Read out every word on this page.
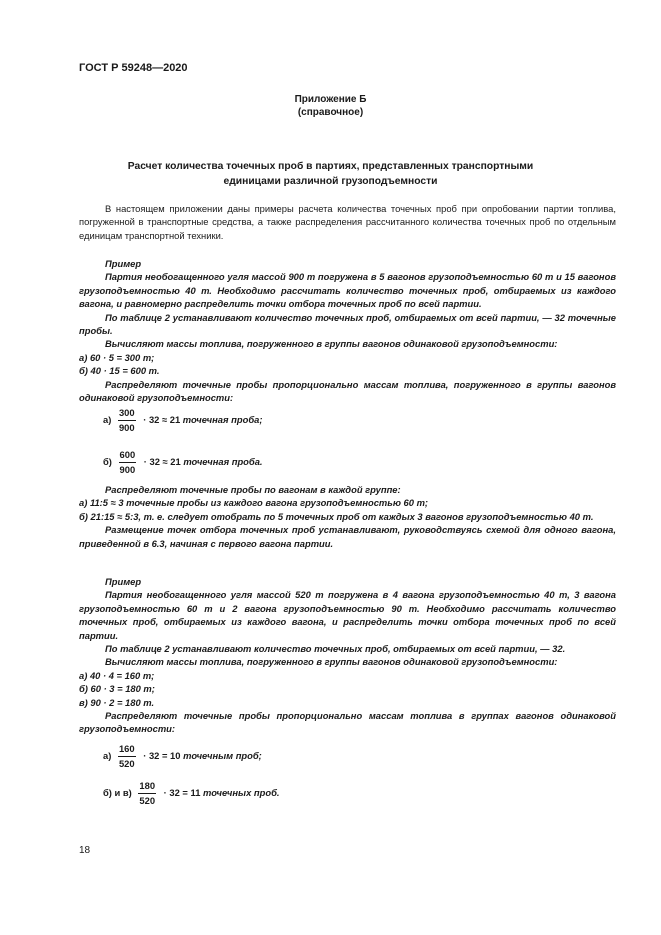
ГОСТ Р 59248—2020
Приложение Б
(справочное)
Расчет количества точечных проб в партиях, представленных транспортными
единицами различной грузоподъемности

В настоящем приложении даны примеры расчета количества точечных проб при опробовании партии топлива, погруженной в транспортные средства, а также распределения рассчитанного количества точечных проб по отдельным единицам транспортной техники.

Пример

Партия необогащенного угля массой 900 т погружена в 5 вагонов грузоподъемностью 60 т и 15 вагонов грузоподъемностью 40 т. Необходимо рассчитать количество точечных проб, отбираемых из каждого вагона, и равномерно распределить точки отбора точечных проб по всей партии.

По таблице 2 устанавливают количество точечных проб, отбираемых от всей партии, — 32 точечные пробы.

Вычисляют массы топлива, погруженного в группы вагонов одинаковой грузоподъемности:

а) 60 · 5 = 300 т;

б) 40 · 15 = 600 т.

Распределяют точечные пробы пропорционально массам топлива, погруженного в группы вагонов одинаковой грузоподъемности:

$а) \frac{300}{900} \cdot 32 \approx 21$ точечная проба;
$б) \frac{600}{900} \cdot 32 \approx 21$ точечная проба.

Распределяют точечные пробы по вагонам в каждой группе:

а) 11:5 ≈ 3 точечные пробы из каждого вагона грузоподъемностью 60 т;

б) 21:15 ≈ 5:3, т. е. следует отобрать по 5 точечных проб от каждых 3 вагонов грузоподъемностью 40 т.

Размещение точек отбора точечных проб устанавливают, руководствуясь схемой для одного вагона, приведенной в 6.3, начиная с первого вагона партии.

Пример

Партия необогащенного угля массой 520 т погружена в 4 вагона грузоподъемностью 40 т, 3 вагона грузоподъемностью 60 т и 2 вагона грузоподъемностью 90 т. Необходимо рассчитать количество точечных проб, отбираемых из каждого вагона, и распределить точки отбора точечных проб по всей партии.

По таблице 2 устанавливают количество точечных проб, отбираемых от всей партии, — 32.

Вычисляют массы топлива, погруженного в группы вагонов одинаковой грузоподъемности:

а) 40 · 4 = 160 т;

б) 60 · 3 = 180 т;

в) 90 · 2 = 180 т.

Распределяют точечные пробы пропорционально массам топлива в группах вагонов одинаковой грузоподъемности:

$а) \frac{160}{520} \cdot 32 = 10$ точечным проб;
б) и $в) \frac{180}{520} \cdot 32 = 11$ точечных проб.
18
